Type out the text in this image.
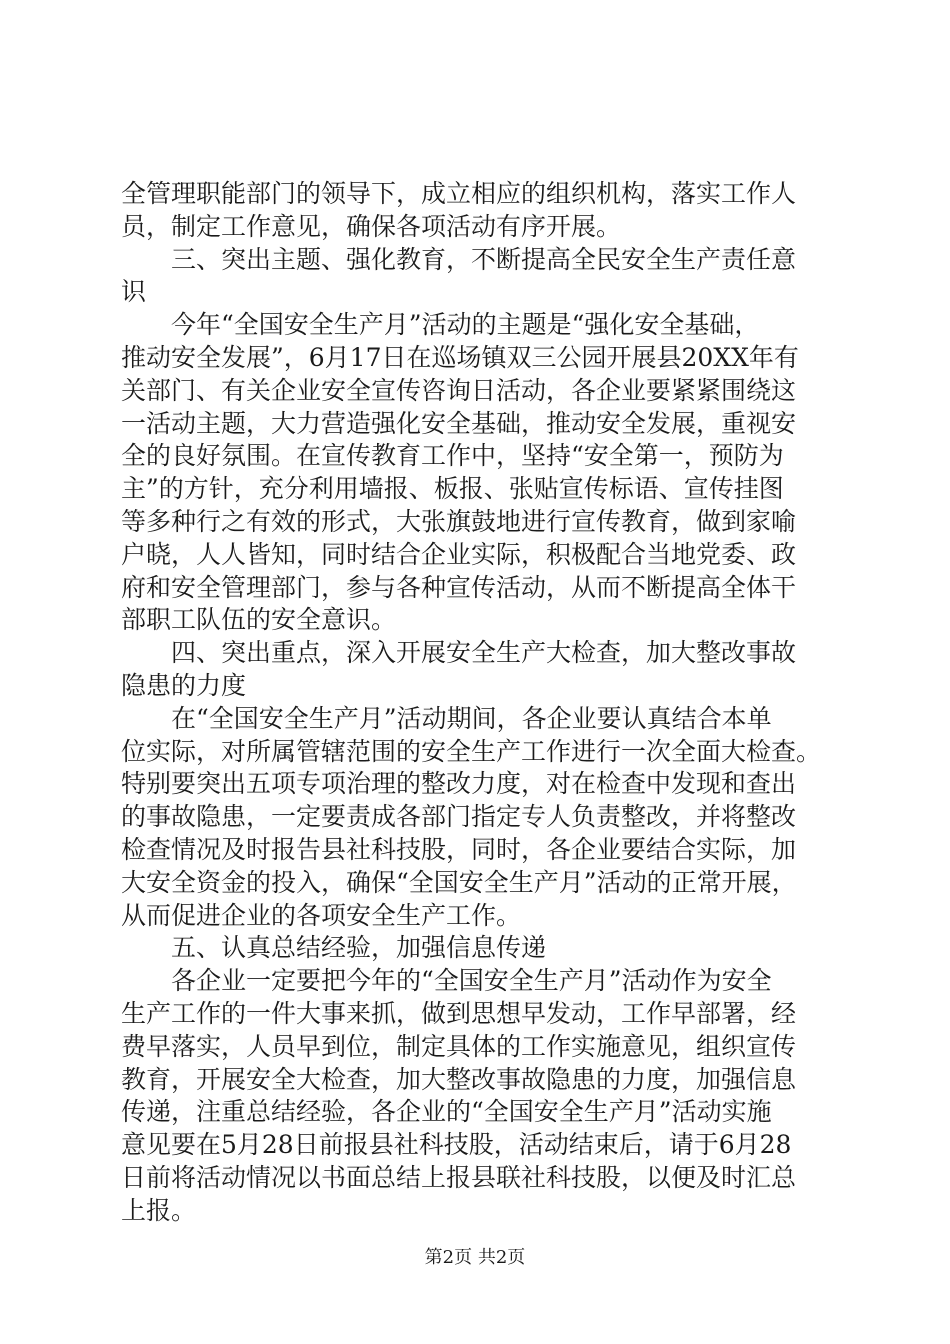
全管理职能部门的领导下，成立相应的组织机构，落实工作人
员，制定工作意见，确保各项活动有序开展。
　　三、突出主题、强化教育，不断提高全民安全生产责任意
识
　　今年“全国安全生产月”活动的主题是“强化安全基础，
推动安全发展”，6月17日在巡场镇双三公园开展县20XX年有
关部门、有关企业安全宣传咨询日活动，各企业要紧紧围绕这
一活动主题，大力营造强化安全基础，推动安全发展，重视安
全的良好氛围。在宣传教育工作中，坚持“安全第一，预防为
主”的方针，充分利用墙报、板报、张贴宣传标语、宣传挂图
等多种行之有效的形式，大张旗鼓地进行宣传教育，做到家喻
户晓，人人皆知，同时结合企业实际，积极配合当地党委、政
府和安全管理部门，参与各种宣传活动，从而不断提高全体干
部职工队伍的安全意识。
　　四、突出重点，深入开展安全生产大检查，加大整改事故
隐患的力度
　　在“全国安全生产月”活动期间，各企业要认真结合本单
位实际，对所属管辖范围的安全生产工作进行一次全面大检查。
特别要突出五项专项治理的整改力度，对在检查中发现和查出
的事故隐患，一定要责成各部门指定专人负责整改，并将整改
检查情况及时报告县社科技股，同时，各企业要结合实际，加
大安全资金的投入，确保“全国安全生产月”活动的正常开展，
从而促进企业的各项安全生产工作。
　　五、认真总结经验，加强信息传递
　　各企业一定要把今年的“全国安全生产月”活动作为安全
生产工作的一件大事来抓，做到思想早发动，工作早部署，经
费早落实，人员早到位，制定具体的工作实施意见，组织宣传
教育，开展安全大检查，加大整改事故隐患的力度，加强信息
传递，注重总结经验，各企业的“全国安全生产月”活动实施
意见要在5月28日前报县社科技股，活动结束后，请于6月28
日前将活动情况以书面总结上报县联社科技股，以便及时汇总
上报。
第2页 共2页
